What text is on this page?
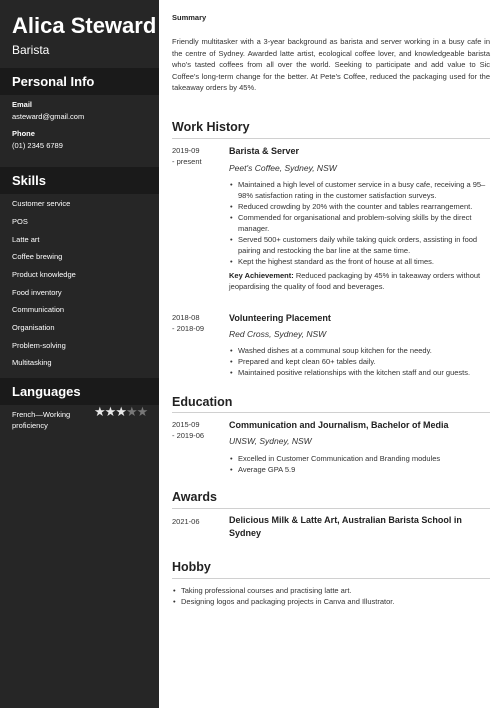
Alica Steward
Barista
Personal Info
Email
asteward@gmail.com
Phone
(01) 2345 6789
Skills
Customer service
POS
Latte art
Coffee brewing
Product knowledge
Food inventory
Communication
Organisation
Problem-solving
Multitasking
Languages
French—Working proficiency
★★★★★
Summary

Friendly multitasker with a 3-year background as barista and server working in a busy cafe in the centre of Sydney. Awarded latte artist, ecological coffee lover, and knowledgeable barista who's tasted coffees from all over the world. Seeking to participate and add value to Sic Coffee's long-term change for the better. At Pete's Coffee, reduced the packaging used for the takeaway orders by 45%.

Work History
2019-09
- present
Barista & Server
Peet's Coffee, Sydney, NSW
• Maintained a high level of customer service in a busy cafe, receiving a 95–98% satisfaction rating in the customer satisfaction surveys.
• Reduced crowding by 20% with the counter and tables rearrangement.
• Commended for organisational and problem-solving skills by the direct manager.
• Served 500+ customers daily while taking quick orders, assisting in food pairing and restocking the bar line at the same time.
• Kept the highest standard as the front of house at all times.
Key Achievement: Reduced packaging by 45% in takeaway orders without jeopardising the quality of food and beverages.
2018-08
- 2018-09
Volunteering Placement
Red Cross, Sydney, NSW
• Washed dishes at a communal soup kitchen for the needy.
• Prepared and kept clean 60+ tables daily.
• Maintained positive relationships with the kitchen staff and our guests.
Education
2015-09
- 2019-06
Communication and Journalism, Bachelor of Media
UNSW, Sydney, NSW
• Excelled in Customer Communication and Branding modules
• Average GPA 5.9
Awards
2021-06	Delicious Milk & Latte Art, Australian Barista School in Sydney
Hobby
• Taking professional courses and practising latte art.
• Designing logos and packaging projects in Canva and Illustrator.
